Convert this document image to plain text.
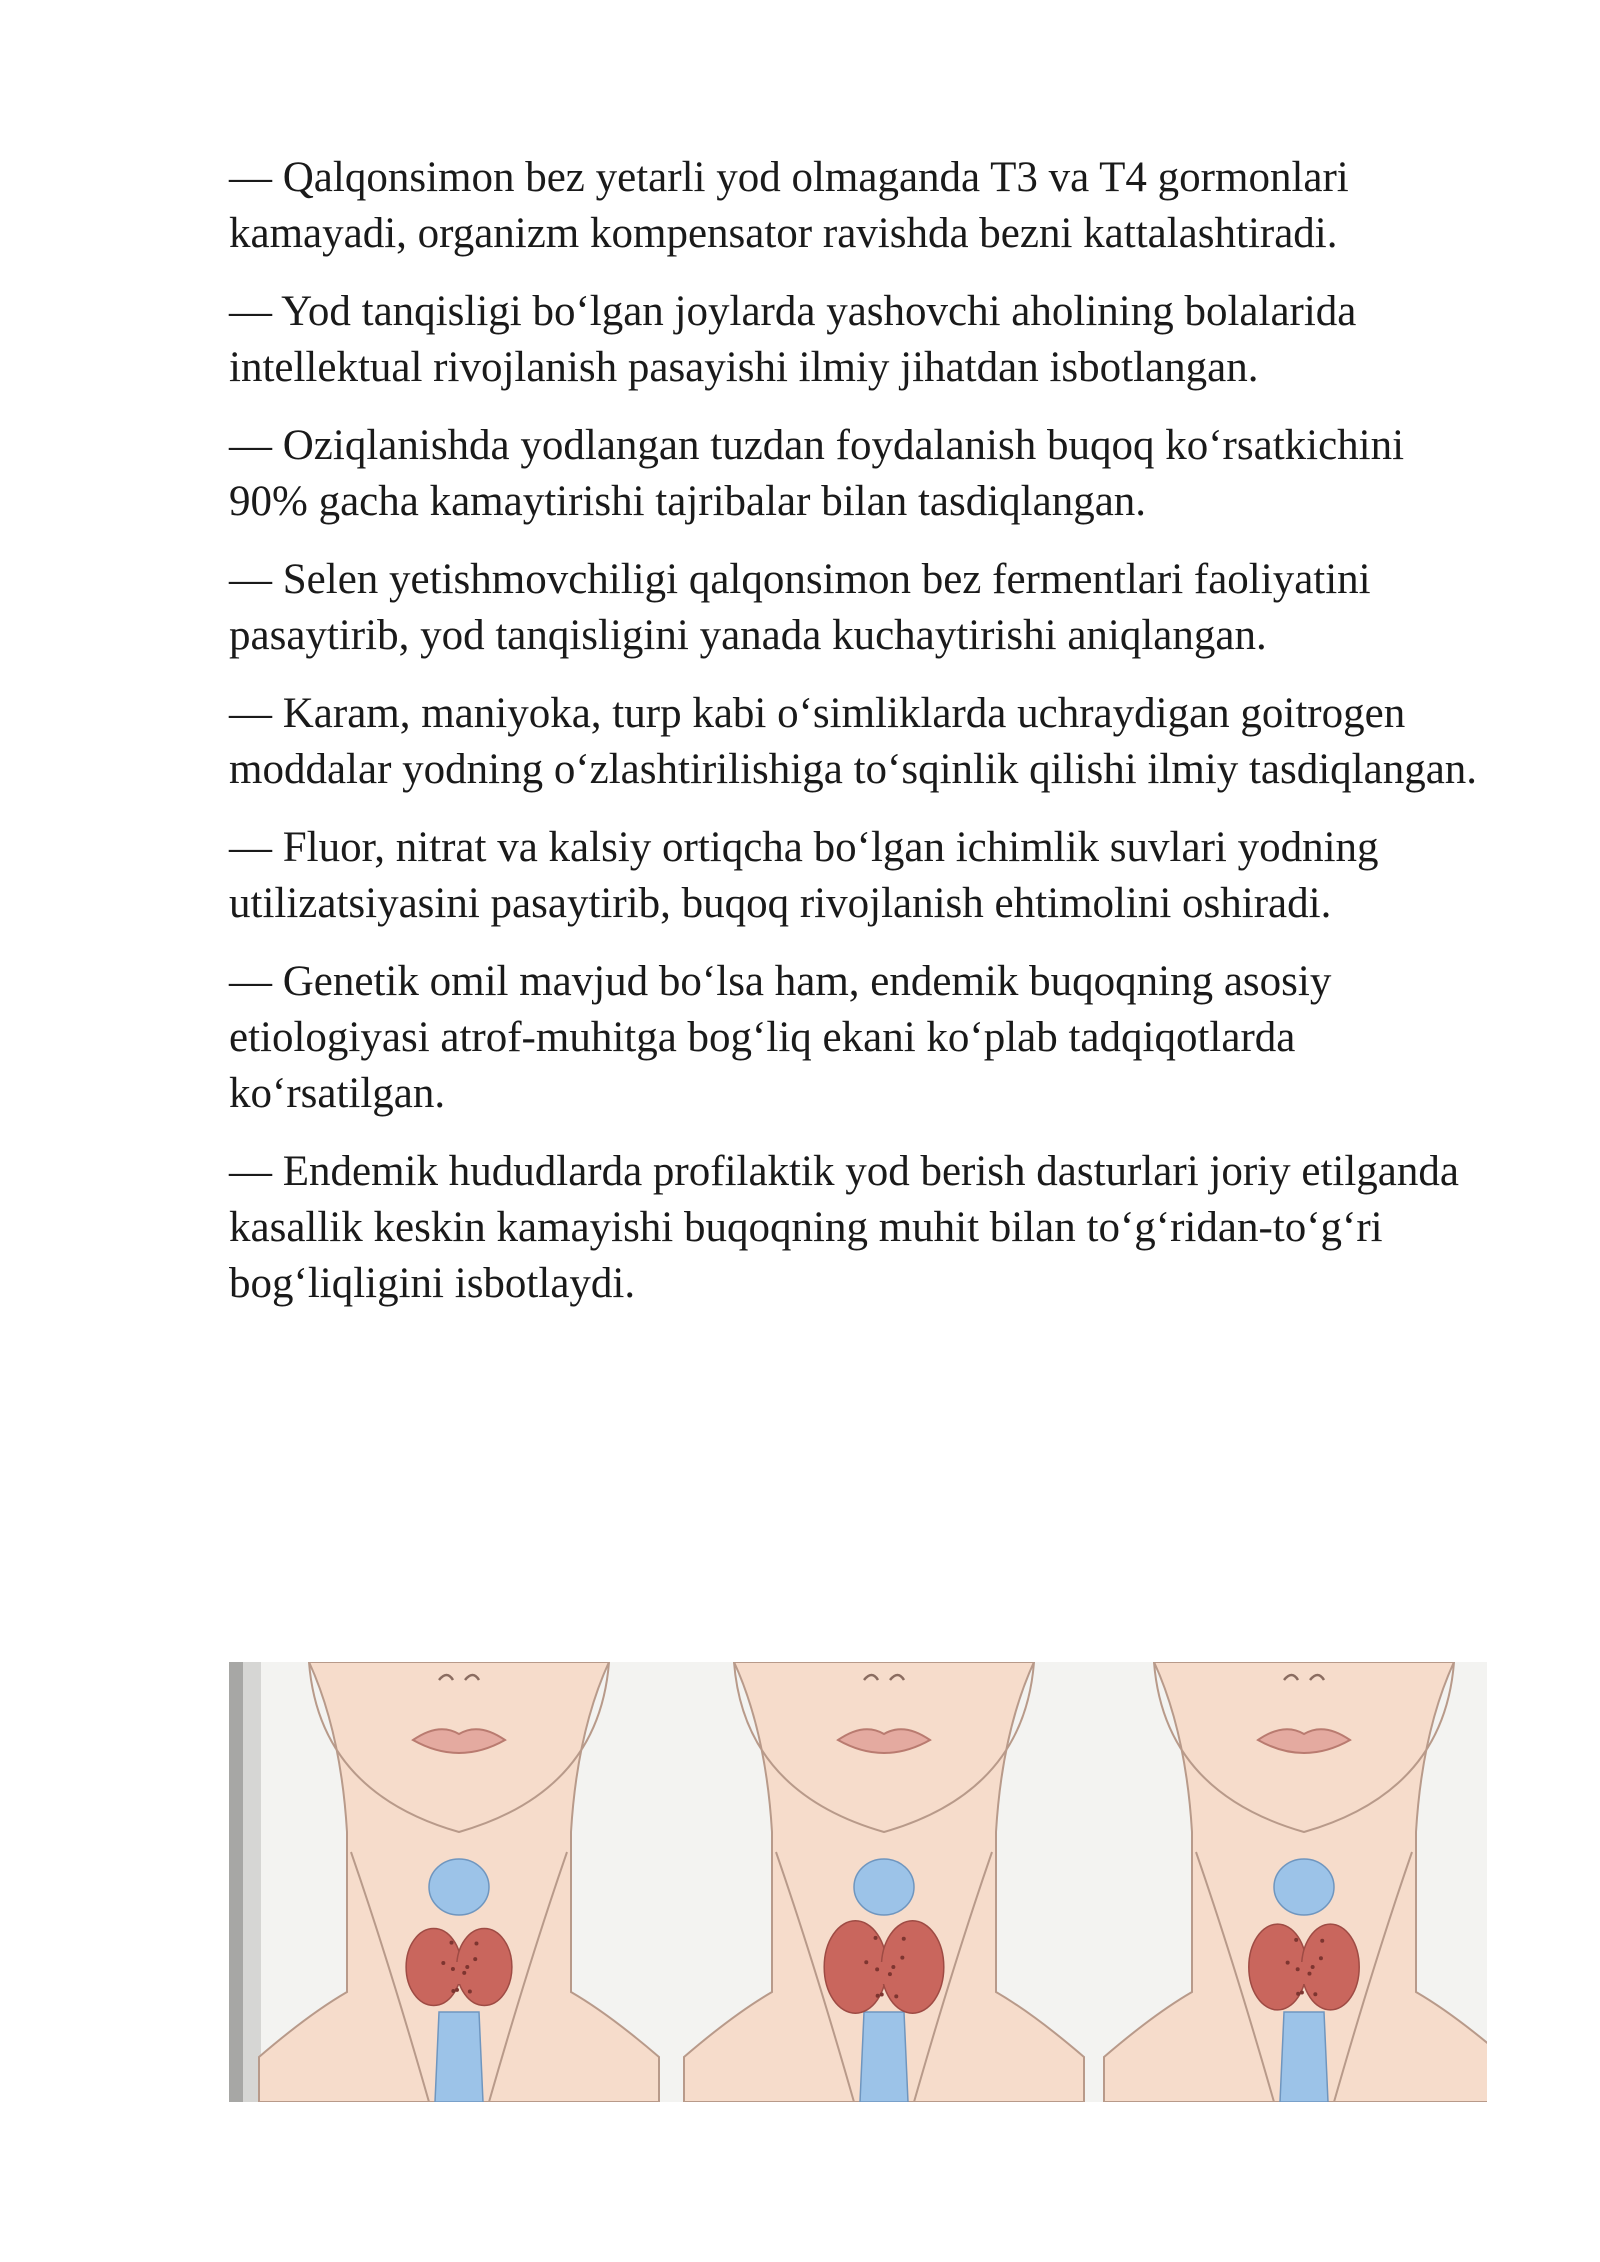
— Qalqonsimon bez yetarli yod olmaganda T3 va T4 gormonlari kamayadi, organizm kompensator ravishda bezni kattalashtiradi.

— Yod tanqisligi bo‘lgan joylarda yashovchi aholining bolalarida intellektual rivojlanish pasayishi ilmiy jihatdan isbotlangan.

— Oziqlanishda yodlangan tuzdan foydalanish buqoq ko‘rsatkichini 90% gacha kamaytirishi tajribalar bilan tasdiqlangan.

— Selen yetishmovchiligi qalqonsimon bez fermentlari faoliyatini pasaytirib, yod tanqisligini yanada kuchaytirishi aniqlangan.

— Karam, maniyoka, turp kabi o‘simliklarda uchraydigan goitrogen moddalar yodning o‘zlashtirilishiga to‘sqinlik qilishi ilmiy tasdiqlangan.

— Fluor, nitrat va kalsiy ortiqcha bo‘lgan ichimlik suvlari yodning utilizatsiyasini pasaytirib, buqoq rivojlanish ehtimolini oshiradi.

— Genetik omil mavjud bo‘lsa ham, endemik buqoqning asosiy etiologiyasi atrof-muhitga bog‘liq ekani ko‘plab tadqiqotlarda ko‘rsatilgan.

— Endemik hududlarda profilaktik yod berish dasturlari joriy etilganda kasallik keskin kamayishi buqoqning muhit bilan to‘g‘ridan-to‘g‘ri bog‘liqligini isbotlaydi.
